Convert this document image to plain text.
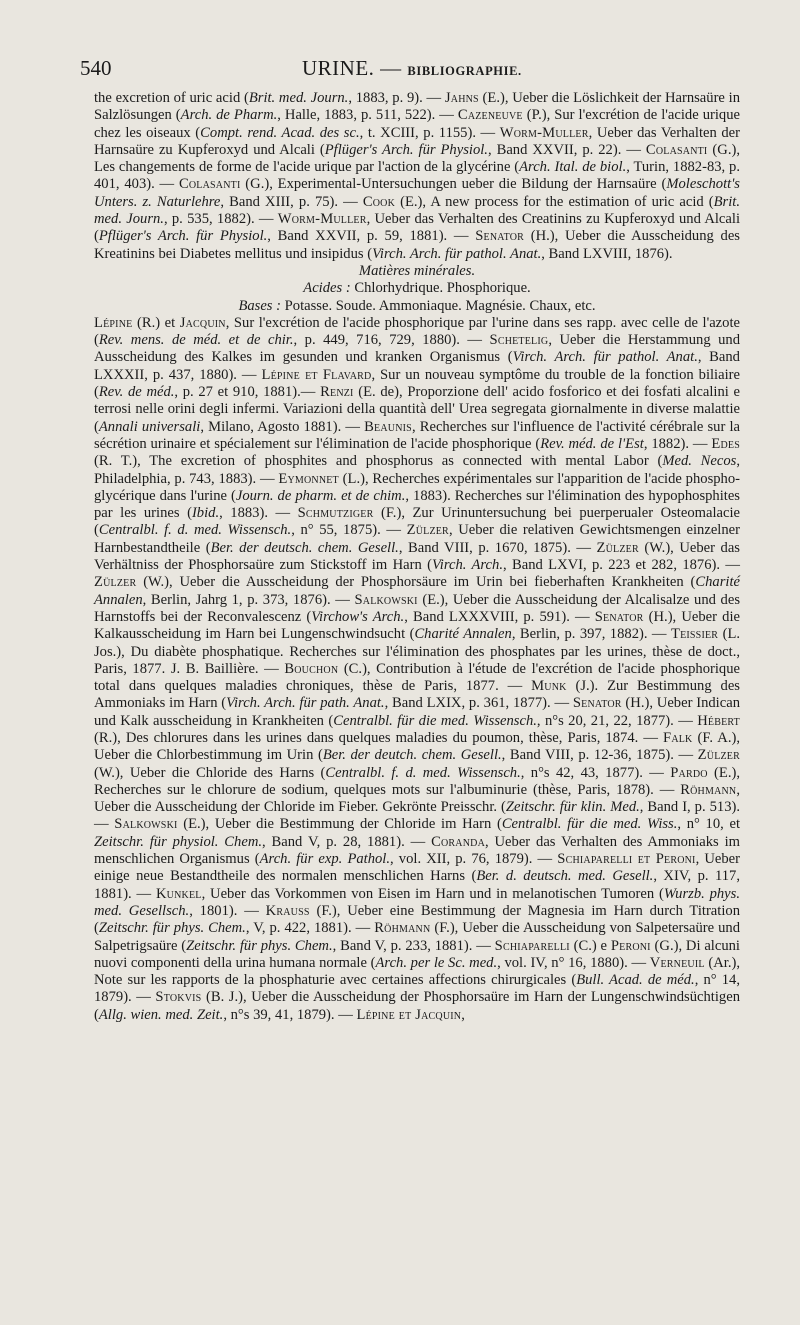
540	URINE. — BIBLIOGRAPHIE.

the excretion of uric acid (Brit. med. Journ., 1883, p. 9). — Jahns (E.), Ueber die Löslichkeit der Harnsaüre in Salzlösungen (Arch. de Pharm., Halle, 1883, p. 511, 522). — Cazeneuve (P.), Sur l'excrétion de l'acide urique chez les oiseaux (Compt. rend. Acad. des sc., t. XCIII, p. 1155). — Worm-Muller, Ueber das Verhalten der Harnsaüre zu Kupferoxyd und Alcali (Pflüger's Arch. für Physiol., Band XXVII, p. 22). — Colasanti (G.), Les changements de forme de l'acide urique par l'action de la glycérine (Arch. Ital. de biol., Turin, 1882-83, p. 401, 403). — Colasanti (G.), Experimental-Untersuchungen ueber die Bildung der Harnsaüre (Moleschott's Unters. z. Naturlehre, Band XIII, p. 75). — Cook (E.), A new process for the estimation of uric acid (Brit. med. Journ., p. 535, 1882). — Worm-Muller, Ueber das Verhalten des Creatinins zu Kupferoxyd und Alcali (Pflüger's Arch. für Physiol., Band XXVII, p. 59, 1881). — Senator (H.), Ueber die Ausscheidung des Kreatinins bei Diabetes mellitus und insipidus (Virch. Arch. für pathol. Anat., Band LXVIII, 1876).

Matières minérales.

Acides : Chlorhydrique. Phosphorique.

Bases : Potasse. Soude. Ammoniaque. Magnésie. Chaux, etc.

Lépine (R.) et Jacquin, Sur l'excrétion de l'acide phosphorique par l'urine dans ses rapp. avec celle de l'azote (Rev. mens. de méd. et de chir., p. 449, 716, 729, 1880). — Schetelig, Ueber die Herstammung und Ausscheidung des Kalkes im gesunden und kranken Organismus (Virch. Arch. für pathol. Anat., Band LXXXII, p. 437, 1880). — Lépine et Flavard, Sur un nouveau symptôme du trouble de la fonction biliaire (Rev. de méd., p. 27 et 910, 1881).— Renzi (E. de), Proporzione dell' acido fosforico et dei fosfati alcalini e terrosi nelle orini degli infermi. Variazioni della quantità dell' Urea segregata giornalmente in diverse malattie (Annali universali, Milano, Agosto 1881). — Beaunis, Recherches sur l'influence de l'activité cérébrale sur la sécrétion urinaire et spécialement sur l'élimination de l'acide phosphorique (Rev. méd. de l'Est, 1882). — Edes (R. T.), The excretion of phosphites and phosphorus as connected with mental Labor (Med. Necos, Philadelphia, p. 743, 1883). — Eymonnet (L.), Recherches expérimentales sur l'apparition de l'acide phospho-glycérique dans l'urine (Journ. de pharm. et de chim., 1883). Recherches sur l'élimination des hypophosphites par les urines (Ibid., 1883). — Schmutziger (F.), Zur Urinuntersuchung bei puerperualer Osteomalacie (Centralbl. f. d. med. Wissensch., n° 55, 1875). — Zülzer, Ueber die relativen Gewichtsmengen einzelner Harnbestandtheile (Ber. der deutsch. chem. Gesell., Band VIII, p. 1670, 1875). — Zülzer (W.), Ueber das Verhältniss der Phosphorsaüre zum Stickstoff im Harn (Virch. Arch., Band LXVI, p. 223 et 282, 1876). — Zülzer (W.), Ueber die Ausscheidung der Phosphorsäure im Urin bei fieberhaften Krankheiten (Charité Annalen, Berlin, Jahrg 1, p. 373, 1876). — Salkowski (E.), Ueber die Ausscheidung der Alcalisalze und des Harnstoffs bei der Reconvalescenz (Virchow's Arch., Band LXXXVIII, p. 591). — Senator (H.), Ueber die Kalkausscheidung im Harn bei Lungenschwindsucht (Charité Annalen, Berlin, p. 397, 1882). — Teissier (L. Jos.), Du diabète phosphatique. Recherches sur l'élimination des phosphates par les urines, thèse de doct., Paris, 1877. J. B. Baillière. — Bouchon (C.), Contribution à l'étude de l'excrétion de l'acide phosphorique total dans quelques maladies chroniques, thèse de Paris, 1877. — Munk (J.). Zur Bestimmung des Ammoniaks im Harn (Virch. Arch. für path. Anat., Band LXIX, p. 361, 1877). — Senator (H.), Ueber Indican und Kalk ausscheidung in Krankheiten (Centralbl. für die med. Wissensch., n°s 20, 21, 22, 1877). — Hébert (R.), Des chlorures dans les urines dans quelques maladies du poumon, thèse, Paris, 1874. — Falk (F. A.), Ueber die Chlorbestimmung im Urin (Ber. der deutch. chem. Gesell., Band VIII, p. 12-36, 1875). — Zülzer (W.), Ueber die Chloride des Harns (Centralbl. f. d. med. Wissensch., n°s 42, 43, 1877). — Pardo (E.), Recherches sur le chlorure de sodium, quelques mots sur l'albuminurie (thèse, Paris, 1878). — Röhmann, Ueber die Ausscheidung der Chloride im Fieber. Gekrönte Preisschr. (Zeitschr. für klin. Med., Band I, p. 513). — Salkowski (E.), Ueber die Bestimmung der Chloride im Harn (Centralbl. für die med. Wiss., n° 10, et Zeitschr. für physiol. Chem., Band V, p. 28, 1881). — Coranda, Ueber das Verhalten des Ammoniaks im menschlichen Organismus (Arch. für exp. Pathol., vol. XII, p. 76, 1879). — Schiaparelli et Peroni, Ueber einige neue Bestandtheile des normalen menschlichen Harns (Ber. d. deutsch. med. Gesell., XIV, p. 117, 1881). — Kunkel, Ueber das Vorkommen von Eisen im Harn und in melanotischen Tumoren (Wurzb. phys. med. Gesellsch., 1801). — Krauss (F.), Ueber eine Bestimmung der Magnesia im Harn durch Titration (Zeitschr. für phys. Chem., V, p. 422, 1881). — Röhmann (F.), Ueber die Ausscheidung von Salpetersaüre und Salpetrigsaüre (Zeitschr. für phys. Chem., Band V, p. 233, 1881). — Schiaparelli (C.) e Peroni (G.), Di alcuni nuovi componenti della urina humana normale (Arch. per le Sc. med., vol. IV, n° 16, 1880). — Verneuil (Ar.), Note sur les rapports de la phosphaturie avec certaines affections chirurgicales (Bull. Acad. de méd., n° 14, 1879). — Stokvis (B. J.), Ueber die Ausscheidung der Phosphorsaüre im Harn der Lungenschwindsüchtigen (Allg. wien. med. Zeit., n°s 39, 41, 1879). — Lépine et Jacquin,
